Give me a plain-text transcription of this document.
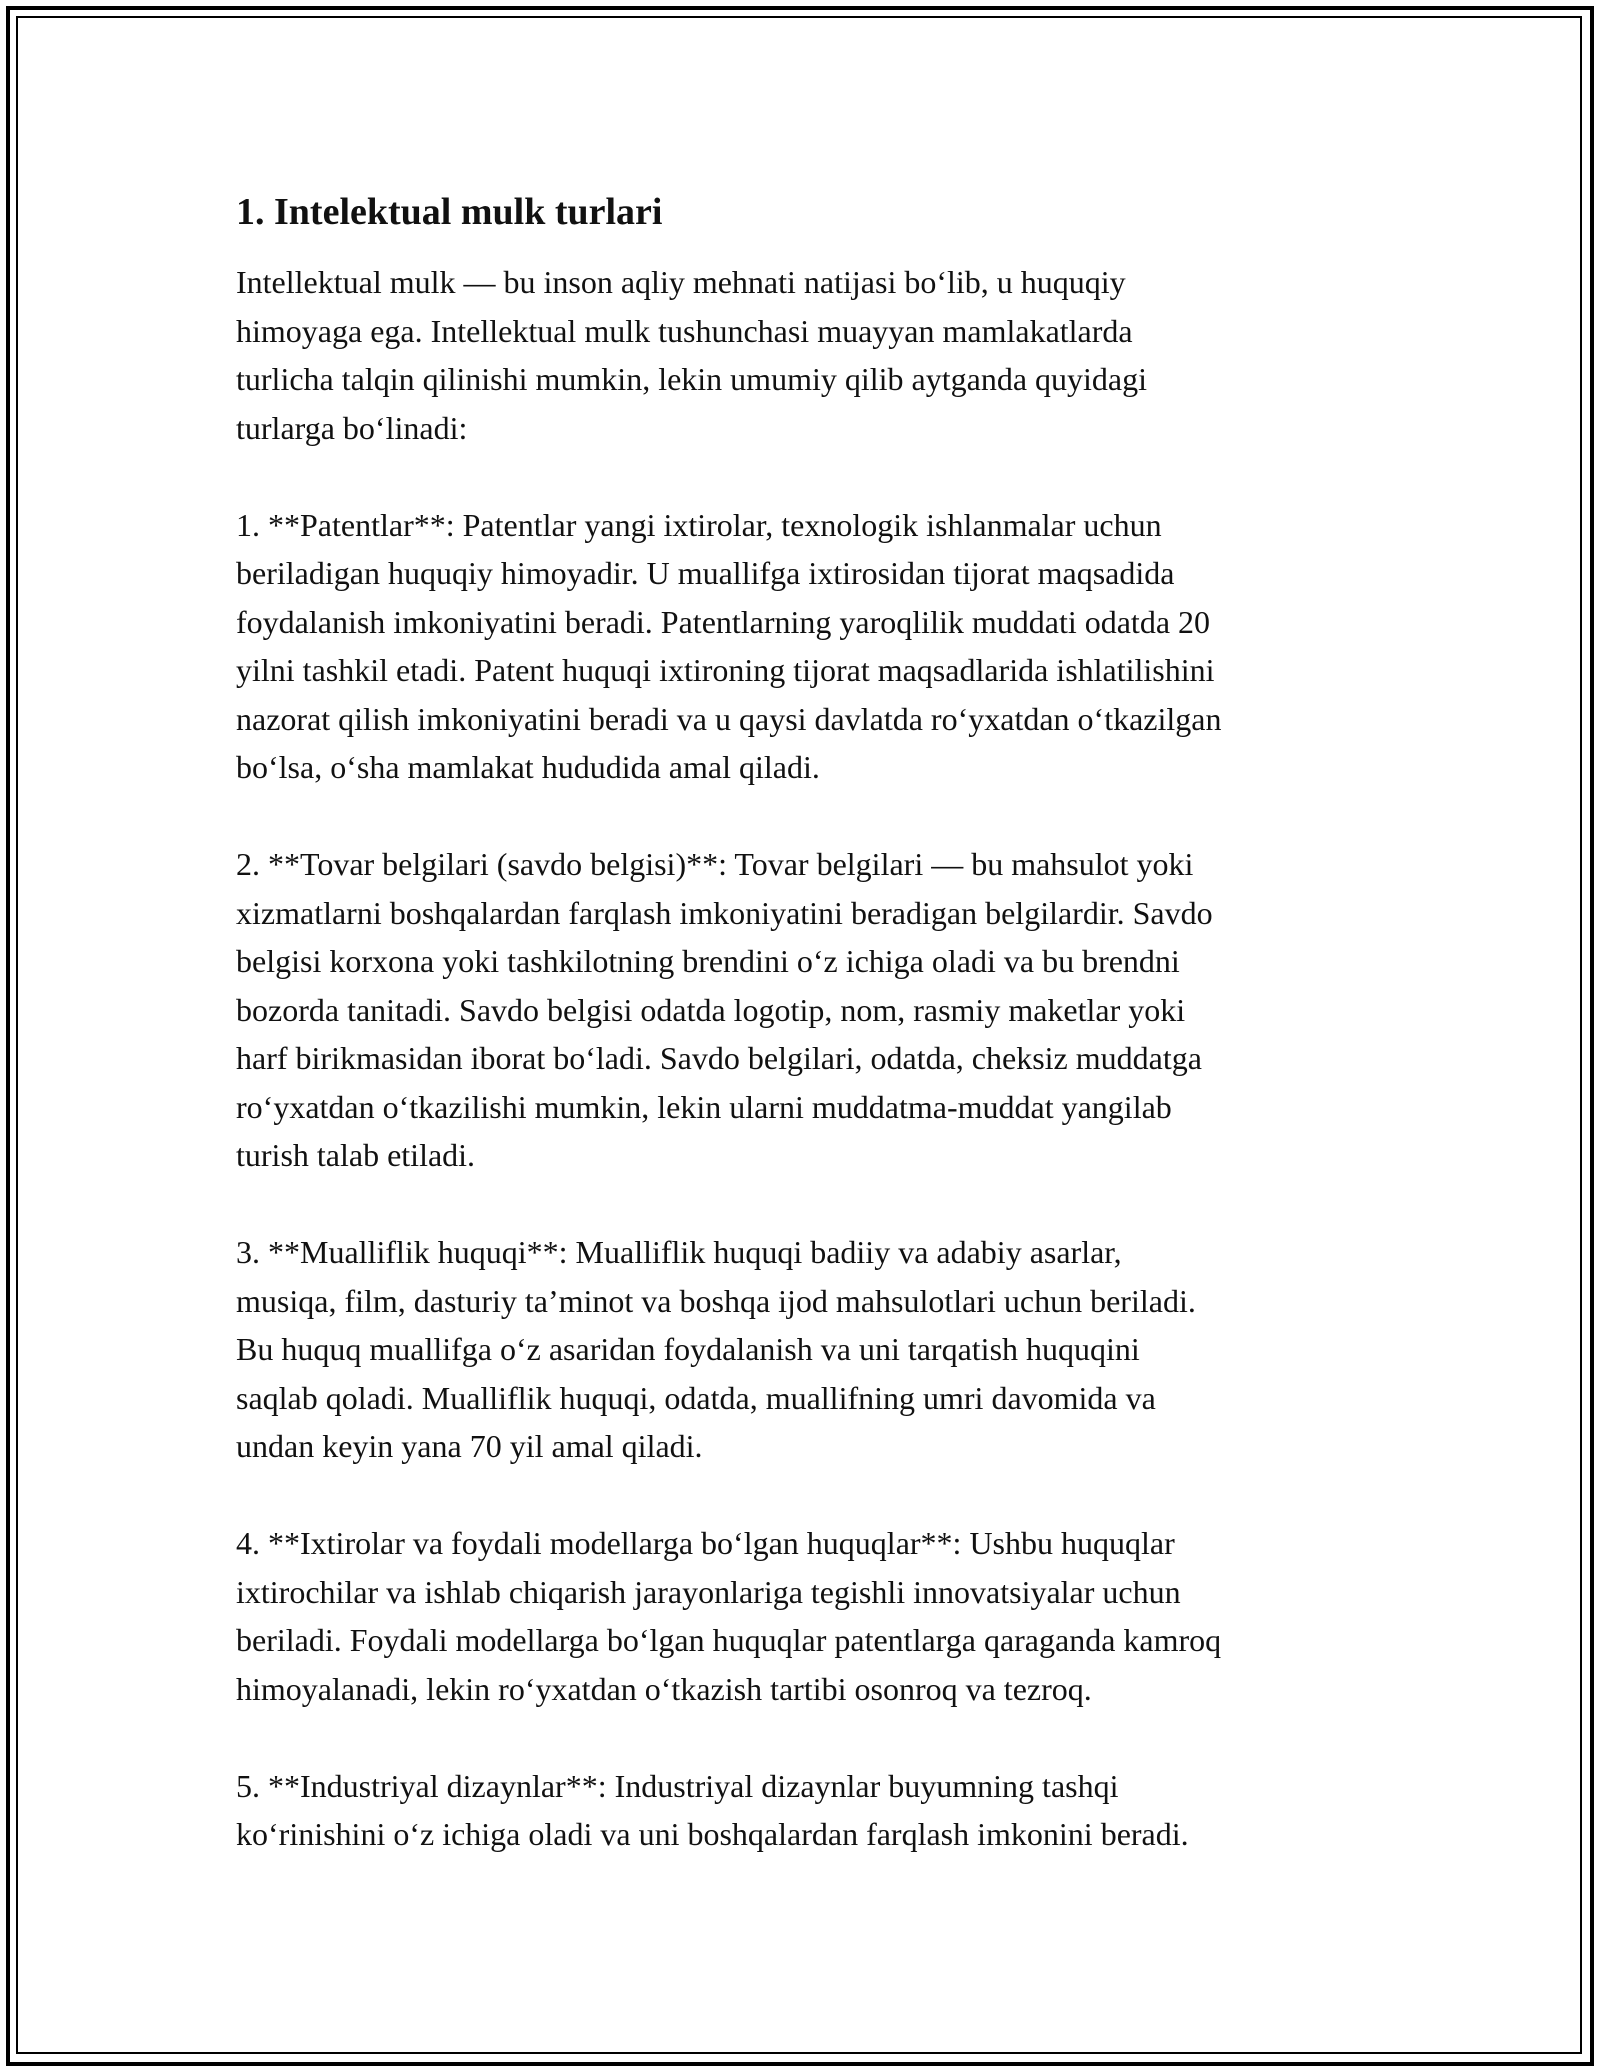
1. Intelektual mulk turlari

Intellektual mulk — bu inson aqliy mehnati natijasi bo‘lib, u huquqiy
himoyaga ega. Intellektual mulk tushunchasi muayyan mamlakatlarda
turlicha talqin qilinishi mumkin, lekin umumiy qilib aytganda quyidagi
turlarga bo‘linadi:

1. **Patentlar**: Patentlar yangi ixtirolar, texnologik ishlanmalar uchun
beriladigan huquqiy himoyadir. U muallifga ixtirosidan tijorat maqsadida
foydalanish imkoniyatini beradi. Patentlarning yaroqlilik muddati odatda 20
yilni tashkil etadi. Patent huquqi ixtironing tijorat maqsadlarida ishlatilishini
nazorat qilish imkoniyatini beradi va u qaysi davlatda ro‘yxatdan o‘tkazilgan
bo‘lsa, o‘sha mamlakat hududida amal qiladi.

2. **Tovar belgilari (savdo belgisi)**: Tovar belgilari — bu mahsulot yoki
xizmatlarni boshqalardan farqlash imkoniyatini beradigan belgilardir. Savdo
belgisi korxona yoki tashkilotning brendini o‘z ichiga oladi va bu brendni
bozorda tanitadi. Savdo belgisi odatda logotip, nom, rasmiy maketlar yoki
harf birikmasidan iborat bo‘ladi. Savdo belgilari, odatda, cheksiz muddatga
ro‘yxatdan o‘tkazilishi mumkin, lekin ularni muddatma-muddat yangilab
turish talab etiladi.

3. **Mualliflik huquqi**: Mualliflik huquqi badiiy va adabiy asarlar,
musiqa, film, dasturiy ta’minot va boshqa ijod mahsulotlari uchun beriladi.
Bu huquq muallifga o‘z asaridan foydalanish va uni tarqatish huquqini
saqlab qoladi. Mualliflik huquqi, odatda, muallifning umri davomida va
undan keyin yana 70 yil amal qiladi.

4. **Ixtirolar va foydali modellarga bo‘lgan huquqlar**: Ushbu huquqlar
ixtirochilar va ishlab chiqarish jarayonlariga tegishli innovatsiyalar uchun
beriladi. Foydali modellarga bo‘lgan huquqlar patentlarga qaraganda kamroq
himoyalanadi, lekin ro‘yxatdan o‘tkazish tartibi osonroq va tezroq.

5. **Industriyal dizaynlar**: Industriyal dizaynlar buyumning tashqi
ko‘rinishini o‘z ichiga oladi va uni boshqalardan farqlash imkonini beradi.
